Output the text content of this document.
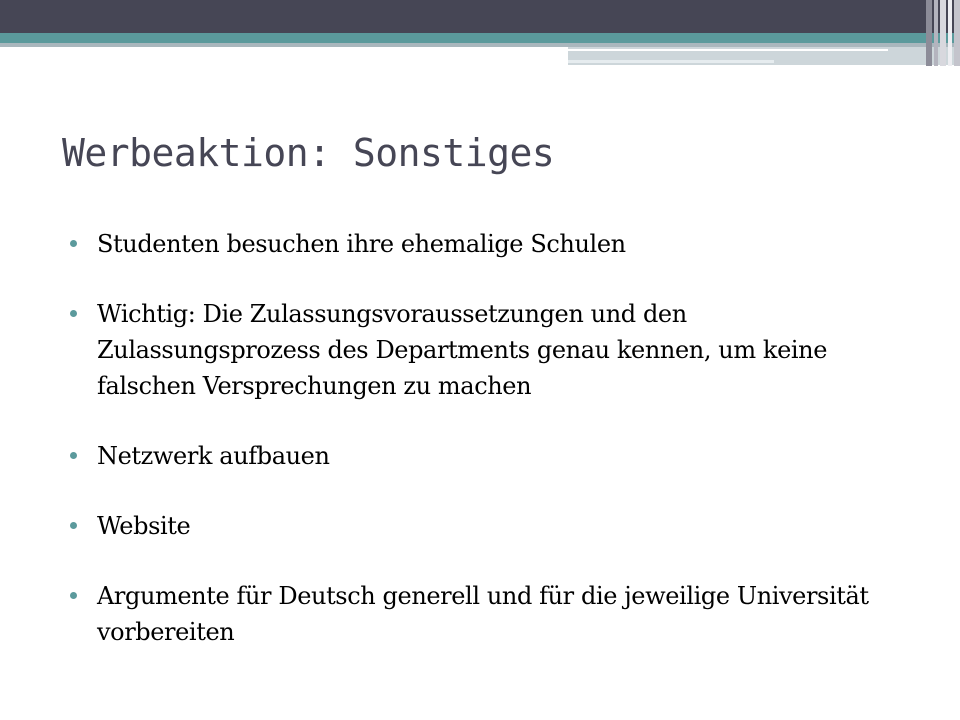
Werbeaktion: Sonstiges
Studenten besuchen ihre ehemalige Schulen
Wichtig: Die Zulassungsvoraussetzungen und den Zulassungsprozess des Departments genau kennen, um keine falschen Versprechungen zu machen
Netzwerk aufbauen
Website
Argumente für Deutsch generell und für die jeweilige Universität vorbereiten
